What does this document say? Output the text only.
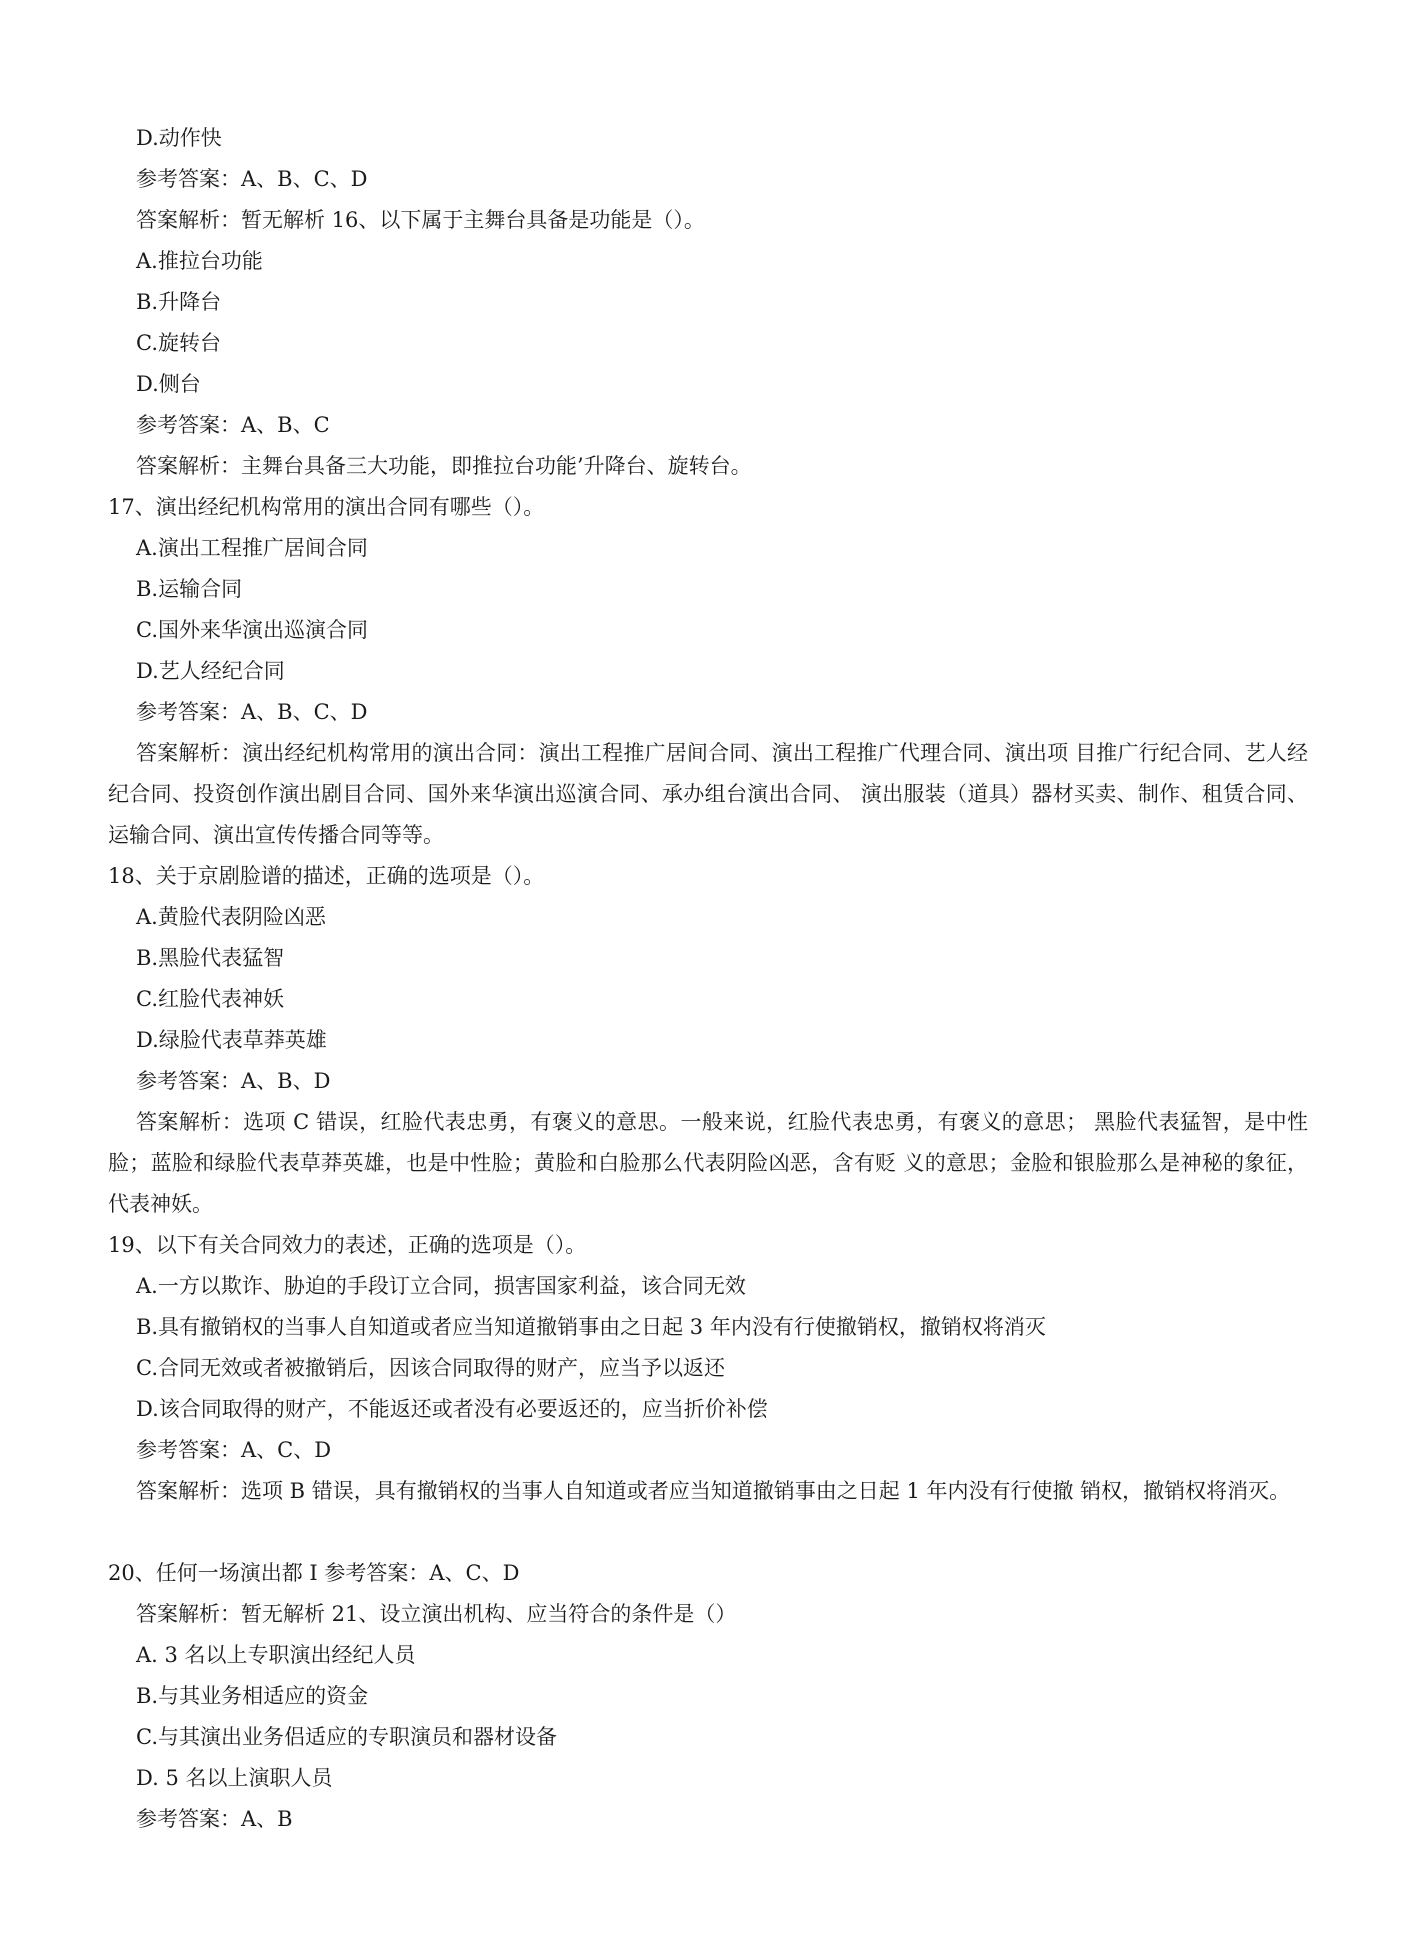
D.动作快
参考答案：A、B、C、D
答案解析：暂无解析 16、以下属于主舞台具备是功能是（）。
A.推拉台功能
B.升降台
C.旋转台
D.侧台
参考答案：A、B、C
答案解析：主舞台具备三大功能，即推拉台功能’升降台、旋转台。
17、演出经纪机构常用的演出合同有哪些（）。
A.演出工程推广居间合同
B.运输合同
C.国外来华演出巡演合同
D.艺人经纪合同
参考答案：A、B、C、D
答案解析：演出经纪机构常用的演出合同：演出工程推广居间合同、演出工程推广代理合同、演出项 目推广行纪合同、艺人经纪合同、投资创作演出剧目合同、国外来华演出巡演合同、承办组台演出合同、 演出服装（道具）器材买卖、制作、租赁合同、运输合同、演出宣传传播合同等等。
18、关于京剧脸谱的描述，正确的选项是（）。
A.黄脸代表阴险凶恶
B.黑脸代表猛智
C.红脸代表神妖
D.绿脸代表草莽英雄
参考答案：A、B、D
答案解析：选项 C 错误，红脸代表忠勇，有褒义的意思。一般来说，红脸代表忠勇，有褒义的意思； 黑脸代表猛智，是中性脸；蓝脸和绿脸代表草莽英雄，也是中性脸；黄脸和白脸那么代表阴险凶恶，含有贬 义的意思；金脸和银脸那么是神秘的象征，代表神妖。
19、以下有关合同效力的表述，正确的选项是（）。
A.一方以欺诈、胁迫的手段订立合同，损害国家利益，该合同无效
B.具有撤销权的当事人自知道或者应当知道撤销事由之日起 3 年内没有行使撤销权，撤销权将消灭
C.合同无效或者被撤销后，因该合同取得的财产，应当予以返还
D.该合同取得的财产，不能返还或者没有必要返还的，应当折价补偿
参考答案：A、C、D
答案解析：选项 B 错误，具有撤销权的当事人自知道或者应当知道撤销事由之日起 1 年内没有行使撤 销权，撤销权将消灭。
20、任何一场演出都 I 参考答案：A、C、D
答案解析：暂无解析 21、设立演出机构、应当符合的条件是（）
A. 3 名以上专职演出经纪人员
B.与其业务相适应的资金
C.与其演出业务侣适应的专职演员和器材设备
D. 5 名以上演职人员
参考答案：A、B
